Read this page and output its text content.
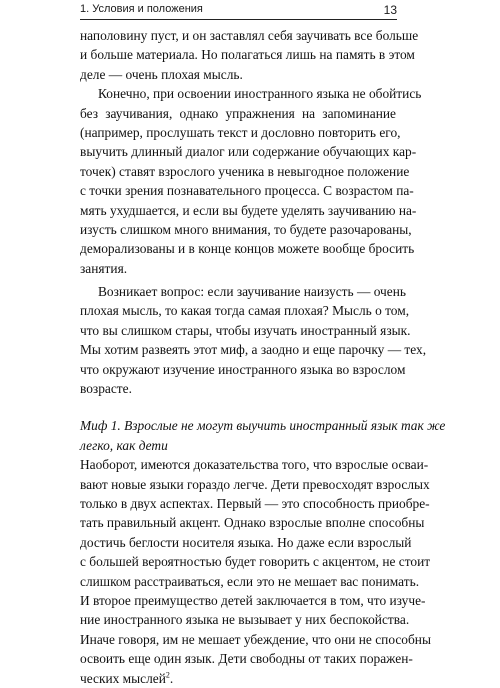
1. Условия и положения	13
наполовину пуст, и он заставлял себя заучивать все больше
и больше материала. Но полагаться лишь на память в этом
деле — очень плохая мысль.
Конечно, при освоении иностранного языка не обойтись
без заучивания, однако упражнения на запоминание
(например, прослушать текст и дословно повторить его,
выучить длинный диалог или содержание обучающих кар-
точек) ставят взрослого ученика в невыгодное положение
с точки зрения познавательного процесса. С возрастом па-
мять ухудшается, и если вы будете уделять заучиванию на-
изусть слишком много внимания, то будете разочарованы,
деморализованы и в конце концов можете вообще бросить
занятия.
Возникает вопрос: если заучивание наизусть — очень
плохая мысль, то какая тогда самая плохая? Мысль о том,
что вы слишком стары, чтобы изучать иностранный язык.
Мы хотим развеять этот миф, а заодно и еще парочку — тех,
что окружают изучение иностранного языка во взрослом
возрасте.
Миф 1. Взрослые не могут выучить иностранный язык так же
легко, как дети
Наоборот, имеются доказательства того, что взрослые осваи-
вают новые языки гораздо легче. Дети превосходят взрослых
только в двух аспектах. Первый — это способность приобре-
тать правильный акцент. Однако взрослые вполне способны
достичь беглости носителя языка. Но даже если взрослый
с большей вероятностью будет говорить с акцентом, не стоит
слишком расстраиваться, если это не мешает вас понимать.
И второе преимущество детей заключается в том, что изуче-
ние иностранного языка не вызывает у них беспокойства.
Иначе говоря, им не мешает убеждение, что они не способны
освоить еще один язык. Дети свободны от таких поражен-
ческих мыслей$^2$.
